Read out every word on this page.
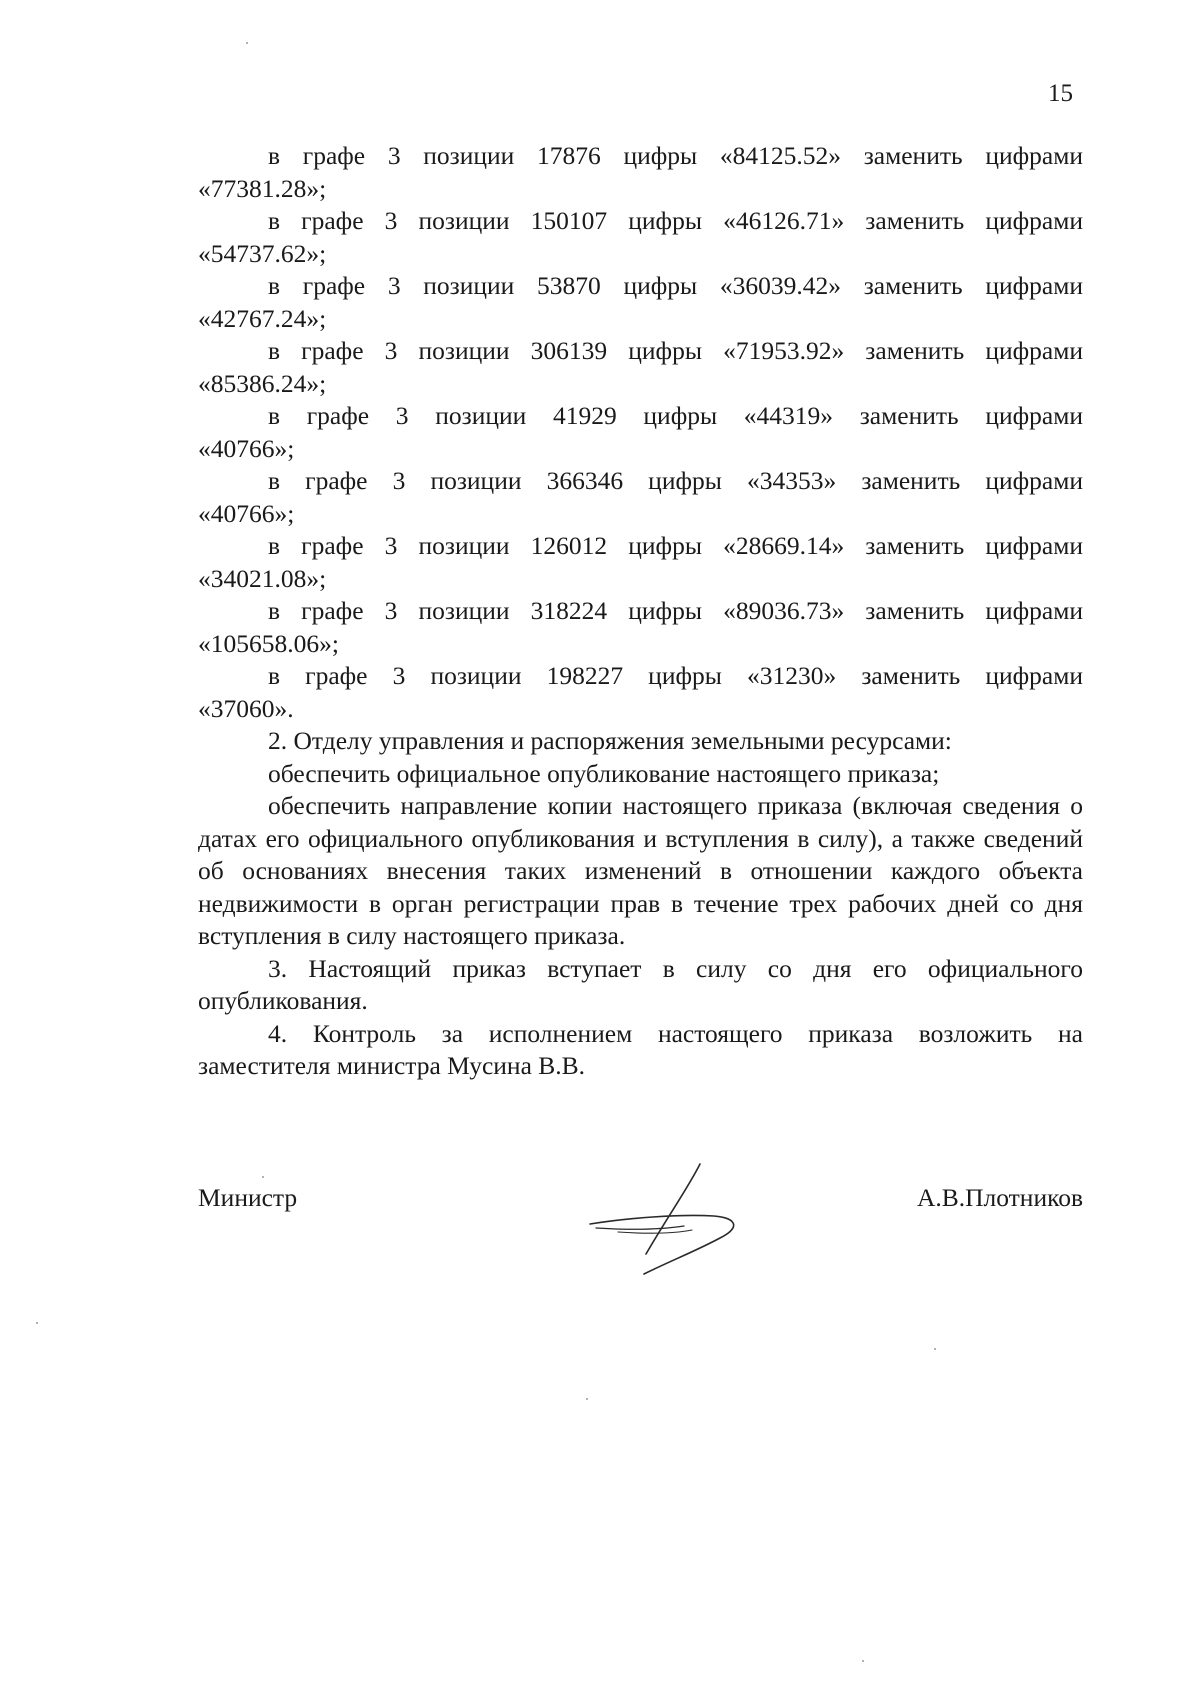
15

в графе 3 позиции 17876 цифры «84125.52» заменить цифрами «77381.28»;

в графе 3 позиции 150107 цифры «46126.71» заменить цифрами «54737.62»;

в графе 3 позиции 53870 цифры «36039.42» заменить цифрами «42767.24»;

в графе 3 позиции 306139 цифры «71953.92» заменить цифрами «85386.24»;

в графе 3 позиции 41929 цифры «44319» заменить цифрами «40766»;

в графе 3 позиции 366346 цифры «34353» заменить цифрами «40766»;

в графе 3 позиции 126012 цифры «28669.14» заменить цифрами «34021.08»;

в графе 3 позиции 318224 цифры «89036.73» заменить цифрами «105658.06»;

в графе 3 позиции 198227 цифры «31230» заменить цифрами «37060».

2. Отделу управления и распоряжения земельными ресурсами:

обеспечить официальное опубликование настоящего приказа;

обеспечить направление копии настоящего приказа (включая сведения о датах его официального опубликования и вступления в силу), а также сведений об основаниях внесения таких изменений в отношении каждого объекта недвижимости в орган регистрации прав в течение трех рабочих дней со дня вступления в силу настоящего приказа.

3. Настоящий приказ вступает в силу со дня его официального опубликования.

4. Контроль за исполнением настоящего приказа возложить на заместителя министра Мусина В.В.

Министр	А.В.Плотников
